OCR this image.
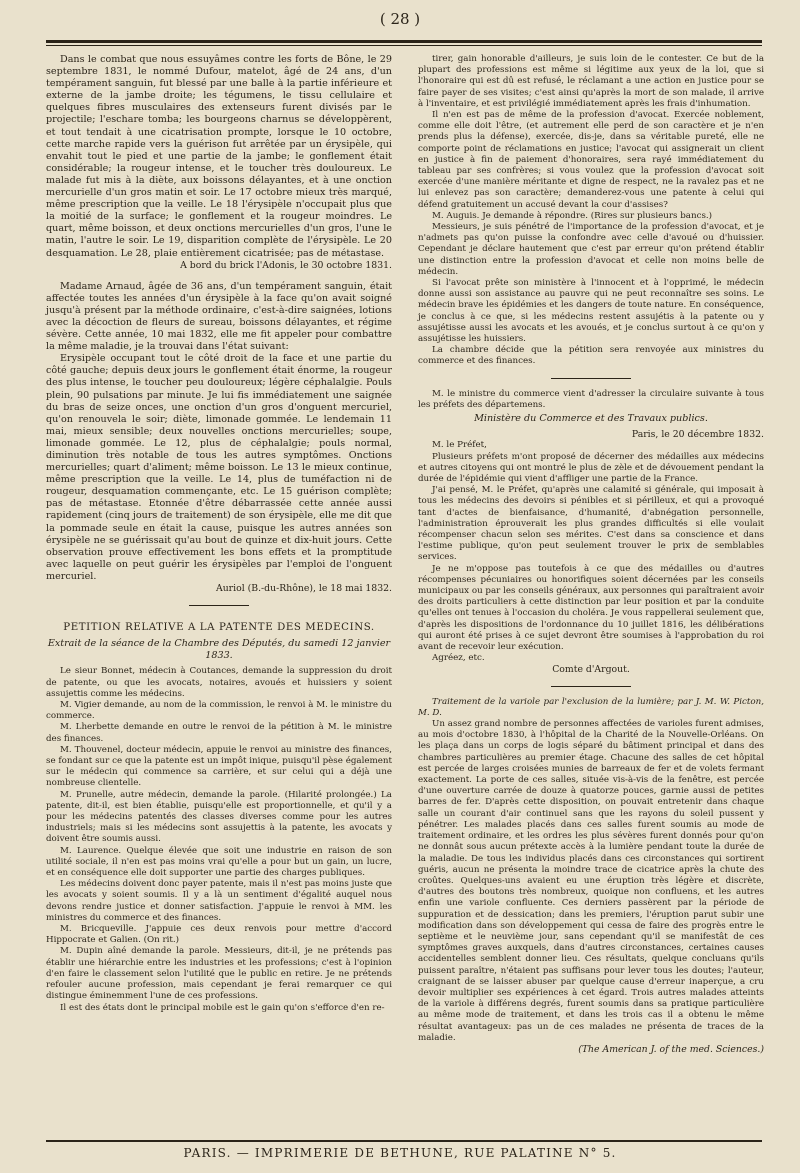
( 28 )

Dans le combat que nous essuyâmes contre les forts de Bône, le 29 septembre 1831, le nommé Dufour, matelot, âgé de 24 ans, d'un tempérament sanguin, fut blessé par une balle à la partie inférieure et externe de la jambe droite; les tégumens, le tissu cellulaire et quelques fibres musculaires des extenseurs furent divisés par le projectile; l'eschare tomba; les bourgeons charnus se développèrent, et tout tendait à une cicatrisation prompte, lorsque le 10 octobre, cette marche rapide vers la guérison fut arrêtée par un érysipèle, qui envahit tout le pied et une partie de la jambe; le gonflement était considérable; la rougeur intense, et le toucher très douloureux. Le malade fut mis à la diète, aux boissons délayantes, et à une onction mercurielle d'un gros matin et soir. Le 17 octobre mieux très marqué, même prescription que la veille. Le 18 l'érysipèle n'occupait plus que la moitié de la surface; le gonflement et la rougeur moindres. Le quart, même boisson, et deux onctions mercurielles d'un gros, l'une le matin, l'autre le soir. Le 19, disparition complète de l'érysipèle. Le 20 desquamation. Le 28, plaie entièrement cicatrisée; pas de métastase.

A bord du brick l'Adonis, le 30 octobre 1831.

Madame Arnaud, âgée de 36 ans, d'un tempérament sanguin, était affectée toutes les années d'un érysipèle à la face qu'on avait soigné jusqu'à présent par la méthode ordinaire, c'est-à-dire saignées, lotions avec la décoction de fleurs de sureau, boissons délayantes, et régime sévère. Cette année, 10 mai 1832, elle me fit appeler pour combattre la même maladie, je la trouvai dans l'état suivant:

Erysipèle occupant tout le côté droit de la face et une partie du côté gauche; depuis deux jours le gonflement était énorme, la rougeur des plus intense, le toucher peu douloureux; légère céphalalgie. Pouls plein, 90 pulsations par minute. Je lui fis immédiatement une saignée du bras de seize onces, une onction d'un gros d'onguent mercuriel, qu'on renouvela le soir; diète, limonade gommée. Le lendemain 11 mai, mieux sensible; deux nouvelles onctions mercurielles; soupe, limonade gommée. Le 12, plus de céphalalgie; pouls normal, diminution très notable de tous les autres symptômes. Onctions mercurielles; quart d'aliment; même boisson. Le 13 le mieux continue, même prescription que la veille. Le 14, plus de tuméfaction ni de rougeur, desquamation commençante, etc. Le 15 guérison complète; pas de métastase. Etonnée d'être débarrassée cette année aussi rapidement (cinq jours de traitement) de son érysipèle, elle me dit que la pommade seule en était la cause, puisque les autres années son érysipèle ne se guérissait qu'au bout de quinze et dix-huit jours. Cette observation prouve effectivement les bons effets et la promptitude avec laquelle on peut guérir les érysipèles par l'emploi de l'onguent mercuriel.

Auriol (B.-du-Rhône), le 18 mai 1832.

PETITION RELATIVE A LA PATENTE DES MEDECINS.
Extrait de la séance de la Chambre des Députés, du samedi 12 janvier 1833.

Le sieur Bonnet, médecin à Coutances, demande la suppression du droit de patente, ou que les avocats, notaires, avoués et huissiers y soient assujettis comme les médecins.

M. Vigier demande, au nom de la commission, le renvoi à M. le ministre du commerce.

M. Lherbette demande en outre le renvoi de la pétition à M. le ministre des finances.

M. Thouvenel, docteur médecin, appuie le renvoi au ministre des finances, se fondant sur ce que la patente est un impôt inique, puisqu'il pèse également sur le médecin qui commence sa carrière, et sur celui qui a déjà une nombreuse clientelle.

M. Prunelle, autre médecin, demande la parole. (Hilarité prolongée.) La patente, dit-il, est bien établie, puisqu'elle est proportionnelle, et qu'il y a pour les médecins patentés des classes diverses comme pour les autres industriels; mais si les médecins sont assujettis à la patente, les avocats y doivent être soumis aussi.

M. Laurence. Quelque élevée que soit une industrie en raison de son utilité sociale, il n'en est pas moins vrai qu'elle a pour but un gain, un lucre, et en conséquence elle doit supporter une partie des charges publiques.

Les médecins doivent donc payer patente, mais il n'est pas moins juste que les avocats y soient soumis. Il y a là un sentiment d'égalité auquel nous devons rendre justice et donner satisfaction. J'appuie le renvoi à MM. les ministres du commerce et des finances.

M. Bricqueville. J'appuie ces deux renvois pour mettre d'accord Hippocrate et Galien. (On rit.)

M. Dupin aîné demande la parole. Messieurs, dit-il, je ne prétends pas établir une hiérarchie entre les industries et les professions; c'est à l'opinion d'en faire le classement selon l'utilité que le public en retire. Je ne prétends refouler aucune profession, mais cependant je ferai remarquer ce qui distingue éminemment l'une de ces professions.

Il est des états dont le principal mobile est le gain qu'on s'efforce d'en re-

tirer, gain honorable d'ailleurs, je suis loin de le contester. Ce but de la plupart des professions est même si légitime aux yeux de la loi, que si l'honoraire qui est dû est refusé, le réclamant a une action en justice pour se faire payer de ses visites; c'est ainsi qu'après la mort de son malade, il arrive à l'inventaire, et est privilégié immédiatement après les frais d'inhumation.

Il n'en est pas de même de la profession d'avocat. Exercée noblement, comme elle doit l'être, (et autrement elle perd de son caractère et je n'en prends plus la défense), exercée, dis-je, dans sa véritable pureté, elle ne comporte point de réclamations en justice; l'avocat qui assignerait un client en justice à fin de paiement d'honoraires, sera rayé immédiatement du tableau par ses confrères; si vous voulez que la profession d'avocat soit exercée d'une manière méritante et digne de respect, ne la ravalez pas et ne lui enlevez pas son caractère; demanderez-vous une patente à celui qui défend gratuitement un accusé devant la cour d'assises?

M. Auguis. Je demande à répondre. (Rires sur plusieurs bancs.)

Messieurs, je suis pénétré de l'importance de la profession d'avocat, et je n'admets pas qu'on puisse la confondre avec celle d'avoué ou d'huissier. Cependant je déclare hautement que c'est par erreur qu'on prétend établir une distinction entre la profession d'avocat et celle non moins belle de médecin.

Si l'avocat prête son ministère à l'innocent et à l'opprimé, le médecin donne aussi son assistance au pauvre qui ne peut reconnaître ses soins. Le médecin brave les épidémies et les dangers de toute nature. En conséquence, je conclus à ce que, si les médecins restent assujétis à la patente ou y assujétisse aussi les avocats et les avoués, et je conclus surtout à ce qu'on y assujétisse les huissiers.

La chambre décide que la pétition sera renvoyée aux ministres du commerce et des finances.

M. le ministre du commerce vient d'adresser la circulaire suivante à tous les préfets des départemens.

Ministère du Commerce et des Travaux publics.

Paris, le 20 décembre 1832.

M. le Préfet,

Plusieurs préfets m'ont proposé de décerner des médailles aux médecins et autres citoyens qui ont montré le plus de zèle et de dévouement pendant la durée de l'épidémie qui vient d'affliger une partie de la France.

J'ai pensé, M. le Préfet, qu'après une calamité si générale, qui imposait à tous les médecins des devoirs si pénibles et si périlleux, et qui a provoqué tant d'actes de bienfaisance, d'humanité, d'abnégation personnelle, l'administration éprouverait les plus grandes difficultés si elle voulait récompenser chacun selon ses mérites. C'est dans sa conscience et dans l'estime publique, qu'on peut seulement trouver le prix de semblables services.

Je ne m'oppose pas toutefois à ce que des médailles ou d'autres récompenses pécuniaires ou honorifiques soient décernées par les conseils municipaux ou par les conseils généraux, aux personnes qui paraîtraient avoir des droits particuliers à cette distinction par leur position et par la conduite qu'elles ont tenues à l'occasion du choléra. Je vous rappellerai seulement que, d'après les dispositions de l'ordonnance du 10 juillet 1816, les délibérations qui auront été prises à ce sujet devront être soumises à l'approbation du roi avant de recevoir leur exécution.

Agréez, etc.

Comte d'Argout.

Traitement de la variole par l'exclusion de la lumière; par J. M. W. Picton, M. D.

Un assez grand nombre de personnes affectées de varioles furent admises, au mois d'octobre 1830, à l'hôpital de la Charité de la Nouvelle-Orléans. On les plaça dans un corps de logis séparé du bâtiment principal et dans des chambres particulières au premier étage. Chacune des salles de cet hôpital est percée de larges croisées munies de barreaux de fer et de volets fermant exactement. La porte de ces salles, située vis-à-vis de la fenêtre, est percée d'une ouverture carrée de douze à quatorze pouces, garnie aussi de petites barres de fer. D'après cette disposition, on pouvait entretenir dans chaque salle un courant d'air continuel sans que les rayons du soleil pussent y pénétrer. Les malades placés dans ces salles furent soumis au mode de traitement ordinaire, et les ordres les plus sévères furent donnés pour qu'on ne donnât sous aucun prétexte accès à la lumière pendant toute la durée de la maladie. De tous les individus placés dans ces circonstances qui sortirent guéris, aucun ne présenta la moindre trace de cicatrice après la chute des croûtes. Quelques-uns avaient eu une éruption très légère et discrète, d'autres des boutons très nombreux, quoique non confluens, et les autres enfin une variole confluente. Ces derniers passèrent par la période de suppuration et de dessication; dans les premiers, l'éruption parut subir une modification dans son développement qui cessa de faire des progrès entre le septième et le neuvième jour, sans cependant qu'il se manifestât de ces symptômes graves auxquels, dans d'autres circonstances, certaines causes accidentelles semblent donner lieu. Ces résultats, quelque concluans qu'ils puissent paraître, n'étaient pas suffisans pour lever tous les doutes; l'auteur, craignant de se laisser abuser par quelque cause d'erreur inaperçue, a cru devoir multiplier ses expériences à cet égard. Trois autres malades atteints de la variole à différens degrés, furent soumis dans sa pratique particulière au même mode de traitement, et dans les trois cas il a obtenu le même résultat avantageux: pas un de ces malades ne présenta de traces de la maladie.

(The American J. of the med. Sciences.)

PARIS. — IMPRIMERIE DE BETHUNE, RUE PALATINE N° 5.
